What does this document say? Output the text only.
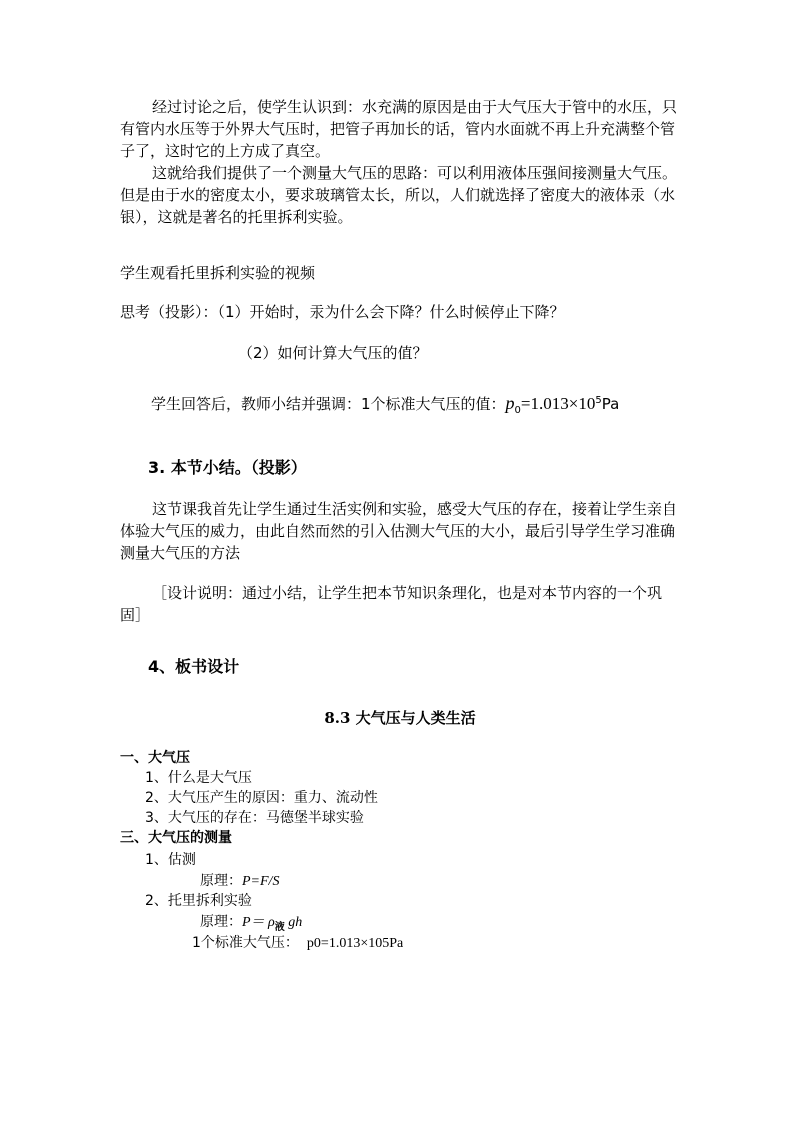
经过讨论之后，使学生认识到：水充满的原因是由于大气压大于管中的水压，只有管内水压等于外界大气压时，把管子再加长的话，管内水面就不再上升充满整个管子了，这时它的上方成了真空。

这就给我们提供了一个测量大气压的思路：可以利用液体压强间接测量大气压。但是由于水的密度太小，要求玻璃管太长，所以，人们就选择了密度大的液体汞（水银），这就是著名的托里拆利实验。

学生观看托里拆利实验的视频

思考（投影）：（1）开始时，汞为什么会下降？什么时候停止下降？

（2）如何计算大气压的值？

学生回答后，教师小结并强调：1个标准大气压的值：$p_0=1.013\times 10^5Pa$

3. 本节小结。（投影）

这节课我首先让学生通过生活实例和实验，感受大气压的存在，接着让学生亲自体验大气压的威力，由此自然而然的引入估测大气压的大小，最后引导学生学习准确测量大气压的方法

［设计说明：通过小结，让学生把本节知识条理化，也是对本节内容的一个巩固］

4、板书设计

8.3 大气压与人类生活

一、大气压

1、什么是大气压

2、大气压产生的原因：重力、流动性

3、大气压的存在：马德堡半球实验

三、大气压的测量

1、估测

原理：P=F/S

2、托里拆利实验

原理：$P= \rho_液$ gh

1个标准大气压： p0=1.013×105Pa
